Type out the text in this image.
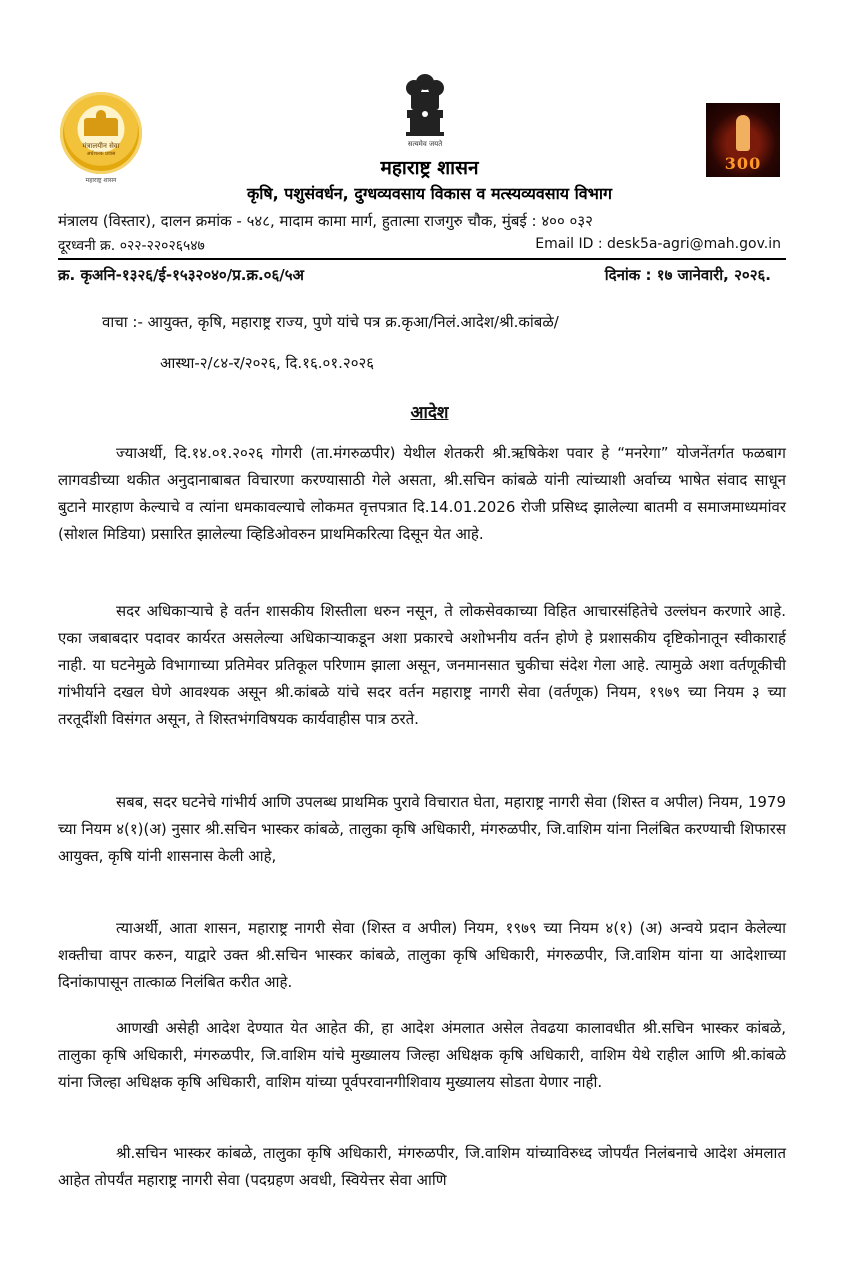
मंत्रालयीन सेवा
अर्धशतक प्रवास
महाराष्ट्र शासन
सत्यमेव जयते
300
महाराष्ट्र शासन
कृषि, पशुसंवर्धन, दुग्धव्यवसाय विकास व मत्स्यव्यवसाय विभाग
मंत्रालय (विस्तार), दालन क्रमांक - ५४८, मादाम कामा मार्ग, हुतात्मा राजगुरु चौक, मुंबई : ४०० ०३२
दूरध्वनी क्र. ०२२-२२०२६५४७	Email ID : desk5a-agri@mah.gov.in
क्र. कृअनि-१३२६/ई-१५३२०४०/प्र.क्र.०६/५अ	दिनांक : १७ जानेवारी, २०२६.
वाचा :- आयुक्त, कृषि, महाराष्ट्र राज्य, पुणे यांचे पत्र क्र.कृआ/निलं.आदेश/श्री.कांबळे/
आस्था-२/८४-र/२०२६, दि.१६.०१.२०२६
आदेश

ज्याअर्थी, दि.१४.०१.२०२६ गोगरी (ता.मंगरुळपीर) येथील शेतकरी श्री.ऋषिकेश पवार हे “मनरेगा” योजनेंतर्गत फळबाग लागवडीच्या थकीत अनुदानाबाबत विचारणा करण्यासाठी गेले असता, श्री.सचिन कांबळे यांनी त्यांच्याशी अर्वाच्य भाषेत संवाद साधून बुटाने मारहाण केल्याचे व त्यांना धमकावल्याचे लोकमत वृत्तपत्रात दि.14.01.2026 रोजी प्रसिध्द झालेल्या बातमी व समाजमाध्यमांवर (सोशल मिडिया) प्रसारित झालेल्या व्हिडिओवरुन प्राथमिकरित्या दिसून येत आहे.

सदर अधिकाऱ्याचे हे वर्तन शासकीय शिस्तीला धरुन नसून, ते लोकसेवकाच्या विहित आचारसंहितेचे उल्लंघन करणारे आहे. एका जबाबदार पदावर कार्यरत असलेल्या अधिकाऱ्याकडून अशा प्रकारचे अशोभनीय वर्तन होणे हे प्रशासकीय दृष्टिकोनातून स्वीकारार्ह नाही. या घटनेमुळे विभागाच्या प्रतिमेवर प्रतिकूल परिणाम झाला असून, जनमानसात चुकीचा संदेश गेला आहे. त्यामुळे अशा वर्तणूकीची गांभीर्याने दखल घेणे आवश्यक असून श्री.कांबळे यांचे सदर वर्तन महाराष्ट्र नागरी सेवा (वर्तणूक) नियम, १९७९ च्या नियम ३ च्या तरतूदींशी विसंगत असून, ते शिस्तभंगविषयक कार्यवाहीस पात्र ठरते.

सबब, सदर घटनेचे गांभीर्य आणि उपलब्ध प्राथमिक पुरावे विचारात घेता, महाराष्ट्र नागरी सेवा (शिस्त व अपील) नियम, 1979 च्या नियम ४(१)(अ) नुसार श्री.सचिन भास्कर कांबळे, तालुका कृषि अधिकारी, मंगरुळपीर, जि.वाशिम यांना निलंबित करण्याची शिफारस आयुक्त, कृषि यांनी शासनास केली आहे,

त्याअर्थी, आता शासन, महाराष्ट्र नागरी सेवा (शिस्त व अपील) नियम, १९७९ च्या नियम ४(१) (अ) अन्वये प्रदान केलेल्या शक्तीचा वापर करुन, याद्वारे उक्त श्री.सचिन भास्कर कांबळे, तालुका कृषि अधिकारी, मंगरुळपीर, जि.वाशिम यांना या आदेशाच्या दिनांकापासून तात्काळ निलंबित करीत आहे.

आणखी असेही आदेश देण्यात येत आहेत की, हा आदेश अंमलात असेल तेवढया कालावधीत श्री.सचिन भास्कर कांबळे, तालुका कृषि अधिकारी, मंगरुळपीर, जि.वाशिम यांचे मुख्यालय जिल्हा अधिक्षक कृषि अधिकारी, वाशिम येथे राहील आणि श्री.कांबळे यांना जिल्हा अधिक्षक कृषि अधिकारी, वाशिम यांच्या पूर्वपरवानगीशिवाय मुख्यालय सोडता येणार नाही.

श्री.सचिन भास्कर कांबळे, तालुका कृषि अधिकारी, मंगरुळपीर, जि.वाशिम यांच्याविरुध्द जोपर्यंत निलंबनाचे आदेश अंमलात आहेत तोपर्यंत महाराष्ट्र नागरी सेवा (पदग्रहण अवधी, स्वियेत्तर सेवा आणि
